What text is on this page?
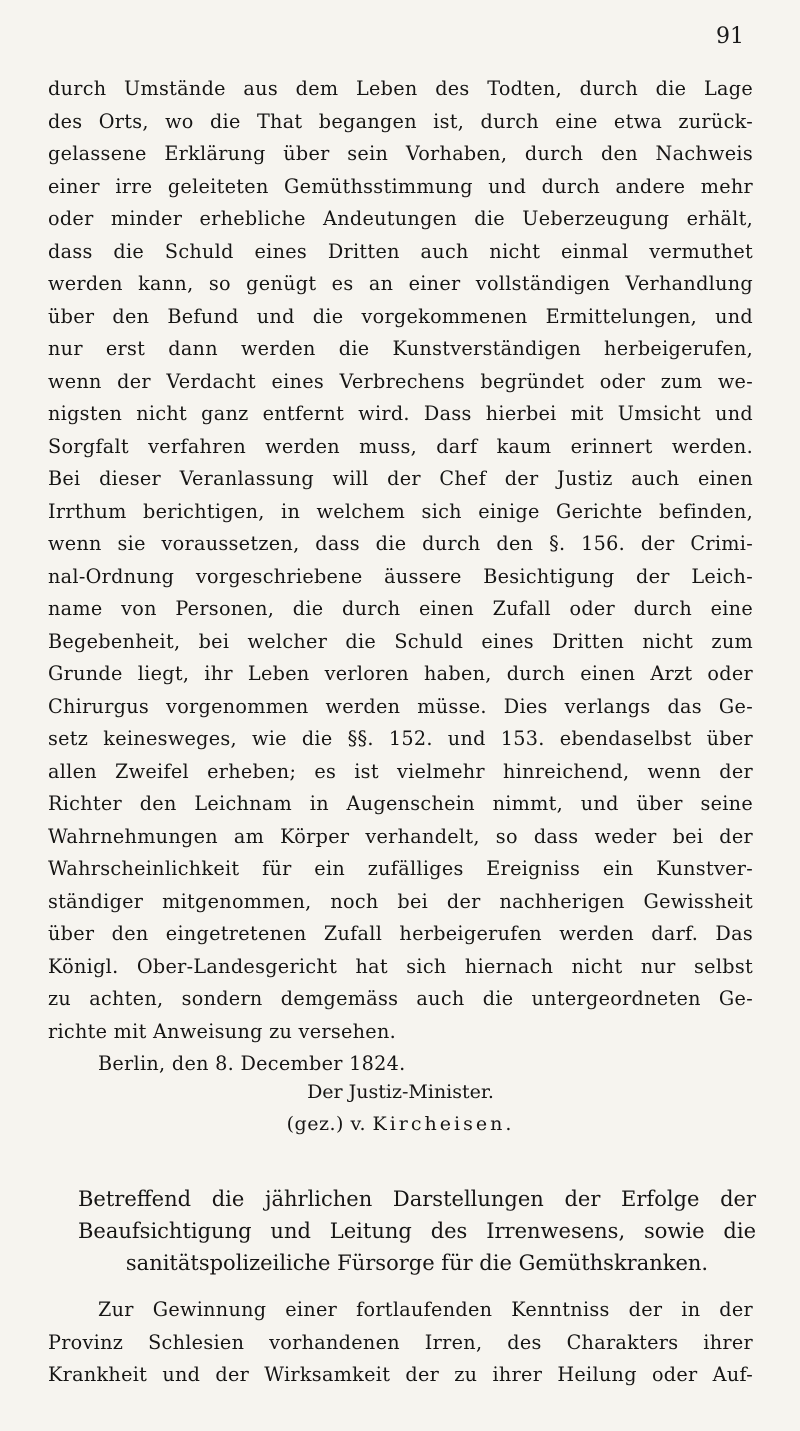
91
durch Umstände aus dem Leben des Todten, durch die Lage
des Orts, wo die That begangen ist, durch eine etwa zurück-
gelassene Erklärung über sein Vorhaben, durch den Nachweis
einer irre geleiteten Gemüthsstimmung und durch andere mehr
oder minder erhebliche Andeutungen die Ueberzeugung erhält,
dass die Schuld eines Dritten auch nicht einmal vermuthet
werden kann, so genügt es an einer vollständigen Verhandlung
über den Befund und die vorgekommenen Ermittelungen, und
nur erst dann werden die Kunstverständigen herbeigerufen,
wenn der Verdacht eines Verbrechens begründet oder zum we-
nigsten nicht ganz entfernt wird. Dass hierbei mit Umsicht und
Sorgfalt verfahren werden muss, darf kaum erinnert werden.
Bei dieser Veranlassung will der Chef der Justiz auch einen
Irrthum berichtigen, in welchem sich einige Gerichte befinden,
wenn sie voraussetzen, dass die durch den §. 156. der Crimi-
nal-Ordnung vorgeschriebene äussere Besichtigung der Leich-
name von Personen, die durch einen Zufall oder durch eine
Begebenheit, bei welcher die Schuld eines Dritten nicht zum
Grunde liegt, ihr Leben verloren haben, durch einen Arzt oder
Chirurgus vorgenommen werden müsse. Dies verlangs das Ge-
setz keinesweges, wie die §§. 152. und 153. ebendaselbst über
allen Zweifel erheben; es ist vielmehr hinreichend, wenn der
Richter den Leichnam in Augenschein nimmt, und über seine
Wahrnehmungen am Körper verhandelt, so dass weder bei der
Wahrscheinlichkeit für ein zufälliges Ereigniss ein Kunstver-
ständiger mitgenommen, noch bei der nachherigen Gewissheit
über den eingetretenen Zufall herbeigerufen werden darf. Das
Königl. Ober-Landesgericht hat sich hiernach nicht nur selbst
zu achten, sondern demgemäss auch die untergeordneten Ge-
richte mit Anweisung zu versehen.
Berlin, den 8. December 1824.
Der Justiz-Minister.
(gez.) v. Kircheisen.
Betreffend die jährlichen Darstellungen der Erfolge der
Beaufsichtigung und Leitung des Irrenwesens, sowie die
sanitätspolizeiliche Fürsorge für die Gemüthskranken.
Zur Gewinnung einer fortlaufenden Kenntniss der in der
Provinz Schlesien vorhandenen Irren, des Charakters ihrer
Krankheit und der Wirksamkeit der zu ihrer Heilung oder Auf-
